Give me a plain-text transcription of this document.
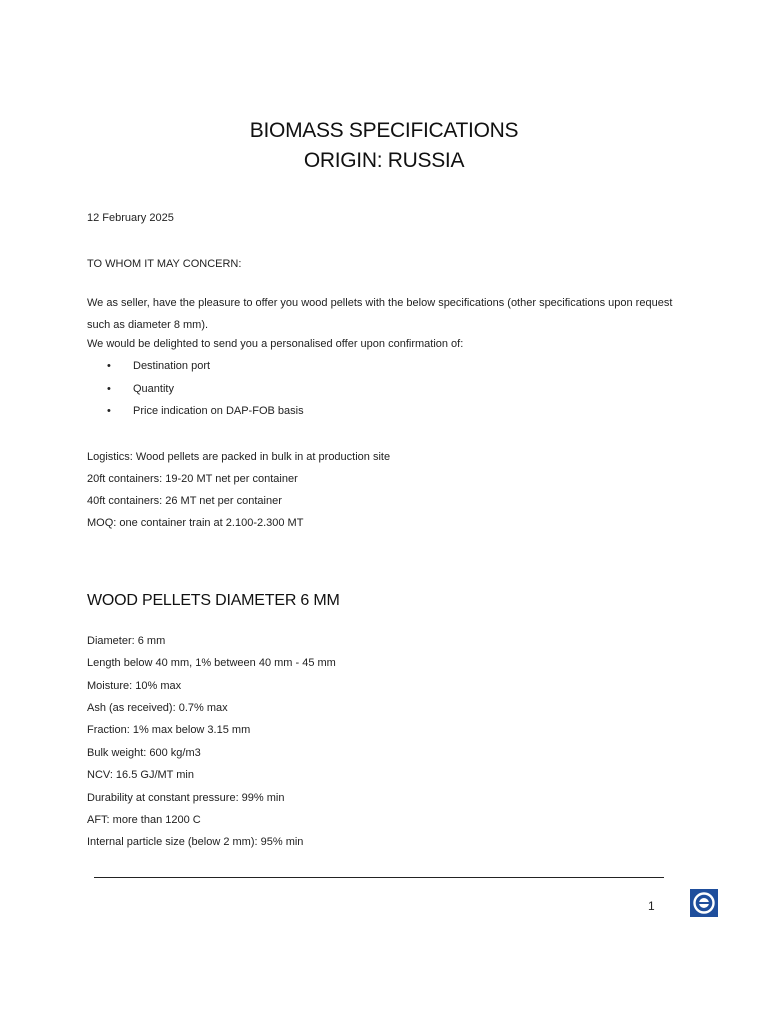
BIOMASS SPECIFICATIONS
ORIGIN: RUSSIA
12 February 2025
TO WHOM IT MAY CONCERN:
We as seller, have the pleasure to offer you wood pellets with the below specifications (other specifications upon request such as diameter 8 mm).
We would be delighted to send you a personalised offer upon confirmation of:
• Destination port
• Quantity
• Price indication on DAP-FOB basis
Logistics: Wood pellets are packed in bulk in at production site
20ft containers: 19-20 MT net per container
40ft containers: 26 MT net per container
MOQ: one container train at 2.100-2.300 MT
WOOD PELLETS DIAMETER 6 MM
Diameter: 6 mm
Length below 40 mm, 1% between 40 mm - 45 mm
Moisture: 10% max
Ash (as received): 0.7% max
Fraction: 1% max below 3.15 mm
Bulk weight: 600 kg/m3
NCV: 16.5 GJ/MT min
Durability at constant pressure: 99% min
AFT: more than 1200 C
Internal particle size (below 2 mm): 95% min
1
